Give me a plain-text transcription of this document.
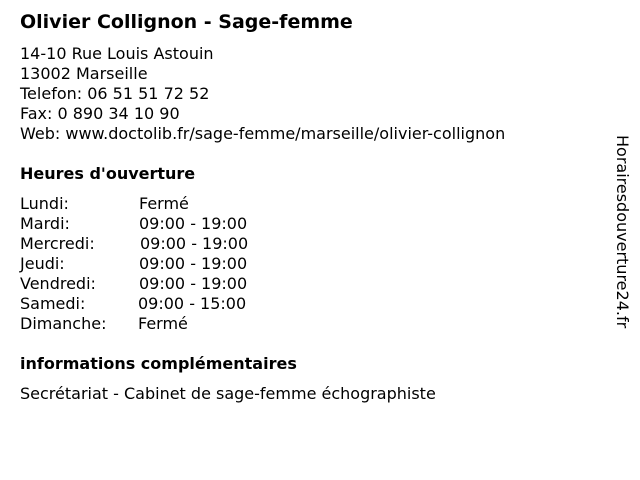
Olivier Collignon - Sage-femme
14-10 Rue Louis Astouin
13002 Marseille
Telefon: 06 51 51 72 52
Fax: 0 890 34 10 90
Web: www.doctolib.fr/sage-femme/marseille/olivier-collignon
Heures d'ouverture
Lundi:	Fermé
Mardi:	09:00 - 19:00
Mercredi:	09:00 - 19:00
Jeudi:	09:00 - 19:00
Vendredi:	09:00 - 19:00
Samedi:	09:00 - 15:00
Dimanche: Fermé
informations complémentaires
Secrétariat - Cabinet de sage-femme échographiste
Horairesdouverture24.fr
